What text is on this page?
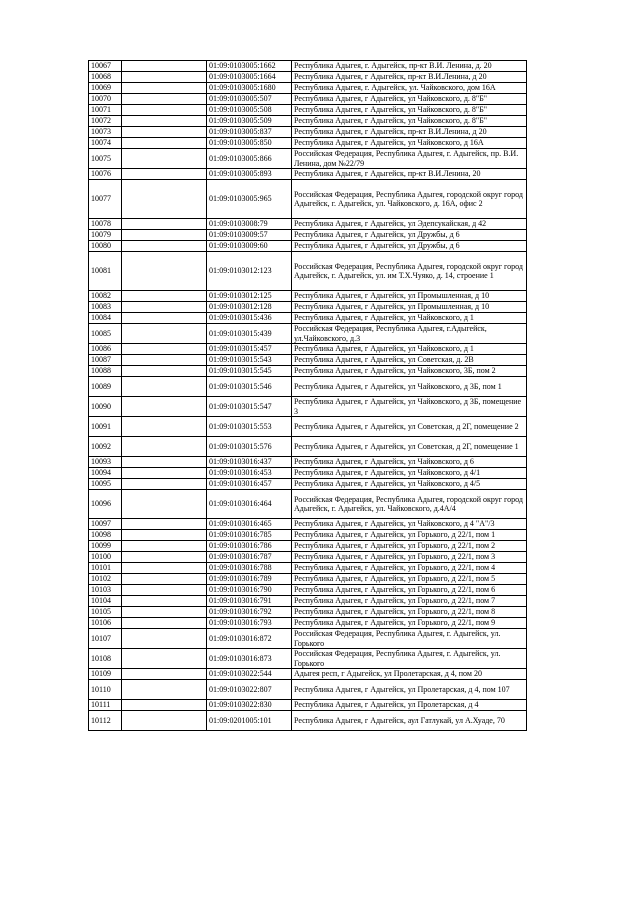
10067		01:09:0103005:1662	Республика Адыгея, г. Адыгейск, пр-кт В.И. Ленина, д. 20
10068		01:09:0103005:1664	Республика Адыгея, г Адыгейск, пр-кт В.И.Ленина, д 20
10069		01:09:0103005:1680	Республика Адыгея, г. Адыгейск, ул. Чайковского, дом 16А
10070		01:09:0103005:507	Республика Адыгея, г Адыгейск, ул Чайковского, д. 8"Б"
10071		01:09:0103005:508	Республика Адыгея, г Адыгейск, ул Чайковского, д. 8"Б"
10072		01:09:0103005:509	Республика Адыгея, г Адыгейск, ул Чайковского, д. 8"Б"
10073		01:09:0103005:837	Республика Адыгея, г Адыгейск, пр-кт В.И.Ленина, д 20
10074		01:09:0103005:850	Республика Адыгея, г Адыгейск, ул Чайковского, д 16А
10075		01:09:0103005:866	Российская Федерация, Республика Адыгея, г. Адыгейск, пр. В.И. Ленина, дом №22/79
10076		01:09:0103005:893	Республика Адыгея, г Адыгейск, пр-кт В.И.Ленина, 20
10077		01:09:0103005:965	Российская Федерация, Республика Адыгея, городской округ город Адыгейск, г. Адыгейск, ул. Чайковского, д. 16А, офис 2
10078		01:09:0103008:79	Республика Адыгея, г Адыгейск, ул Эдепсукайская, д 42
10079		01:09:0103009:57	Республика Адыгея, г Адыгейск, ул Дружбы, д 6
10080		01:09:0103009:60	Республика Адыгея, г Адыгейск, ул Дружбы, д 6
10081		01:09:0103012:123	Российская Федерация, Республика Адыгея, городской округ город Адыгейск, г. Адыгейск, ул. им Т.Х.Чуяко, д. 14, строение 1
10082		01:09:0103012:125	Республика Адыгея, г Адыгейск, ул Промышленная, д 10
10083		01:09:0103012:128	Республика Адыгея, г Адыгейск, ул Промышленная, д 10
10084		01:09:0103015:436	Республика Адыгея, г Адыгейск, ул Чайковского, д 1
10085		01:09:0103015:439	Российская Федерация, Республика Адыгея, г.Адыгейск, ул.Чайковского, д.3
10086		01:09:0103015:457	Республика Адыгея, г Адыгейск, ул Чайковского, д 1
10087		01:09:0103015:543	Республика Адыгея, г Адыгейск, ул Советская, д. 2В
10088		01:09:0103015:545	Республика Адыгея, г Адыгейск, ул Чайковского, 3Б, пом 2
10089		01:09:0103015:546	Республика Адыгея, г Адыгейск, ул Чайковского, д 3Б, пом 1
10090		01:09:0103015:547	Республика Адыгея, г Адыгейск, ул Чайковского, д 3Б, помещение 3
10091		01:09:0103015:553	Республика Адыгея, г Адыгейск, ул Советская, д 2Г, помещение 2
10092		01:09:0103015:576	Республика Адыгея, г Адыгейск, ул Советская, д 2Г, помещение 1
10093		01:09:0103016:437	Республика Адыгея, г Адыгейск, ул Чайковского, д 6
10094		01:09:0103016:453	Республика Адыгея, г Адыгейск, ул Чайковского, д 4/1
10095		01:09:0103016:457	Республика Адыгея, г Адыгейск, ул Чайковского, д 4/5
10096		01:09:0103016:464	Российская Федерация, Республика Адыгея, городской округ город Адыгейск, г. Адыгейск, ул. Чайковского, д.4А/4
10097		01:09:0103016:465	Республика Адыгея, г Адыгейск, ул Чайковского, д 4 "А"/3
10098		01:09:0103016:785	Республика Адыгея, г Адыгейск, ул Горького, д 22/1, пом 1
10099		01:09:0103016:786	Республика Адыгея, г Адыгейск, ул Горького, д 22/1, пом 2
10100		01:09:0103016:787	Республика Адыгея, г Адыгейск, ул Горького, д 22/1, пом 3
10101		01:09:0103016:788	Республика Адыгея, г Адыгейск, ул Горького, д 22/1, пом 4
10102		01:09:0103016:789	Республика Адыгея, г Адыгейск, ул Горького, д 22/1, пом 5
10103		01:09:0103016:790	Республика Адыгея, г Адыгейск, ул Горького, д 22/1, пом 6
10104		01:09:0103016:791	Республика Адыгея, г Адыгейск, ул Горького, д 22/1, пом 7
10105		01:09:0103016:792	Республика Адыгея, г Адыгейск, ул Горького, д 22/1, пом 8
10106		01:09:0103016:793	Республика Адыгея, г Адыгейск, ул Горького, д 22/1, пом 9
10107		01:09:0103016:872	Российская Федерация, Республика Адыгея, г. Адыгейск, ул. Горького
10108		01:09:0103016:873	Российская Федерация, Республика Адыгея, г. Адыгейск, ул. Горького
10109		01:09:0103022:544	Адыгея респ, г Адыгейск, ул Пролетарская, д 4, пом 20
10110		01:09:0103022:807	Республика Адыгея, г Адыгейск, ул Пролетарская, д 4, пом 107
10111		01:09:0103022:830	Республика Адыгея, г Адыгейск, ул Пролетарская, д 4
10112		01:09:0201005:101	Республика Адыгея, г Адыгейск, аул Гатлукай, ул А.Хуаде, 70
